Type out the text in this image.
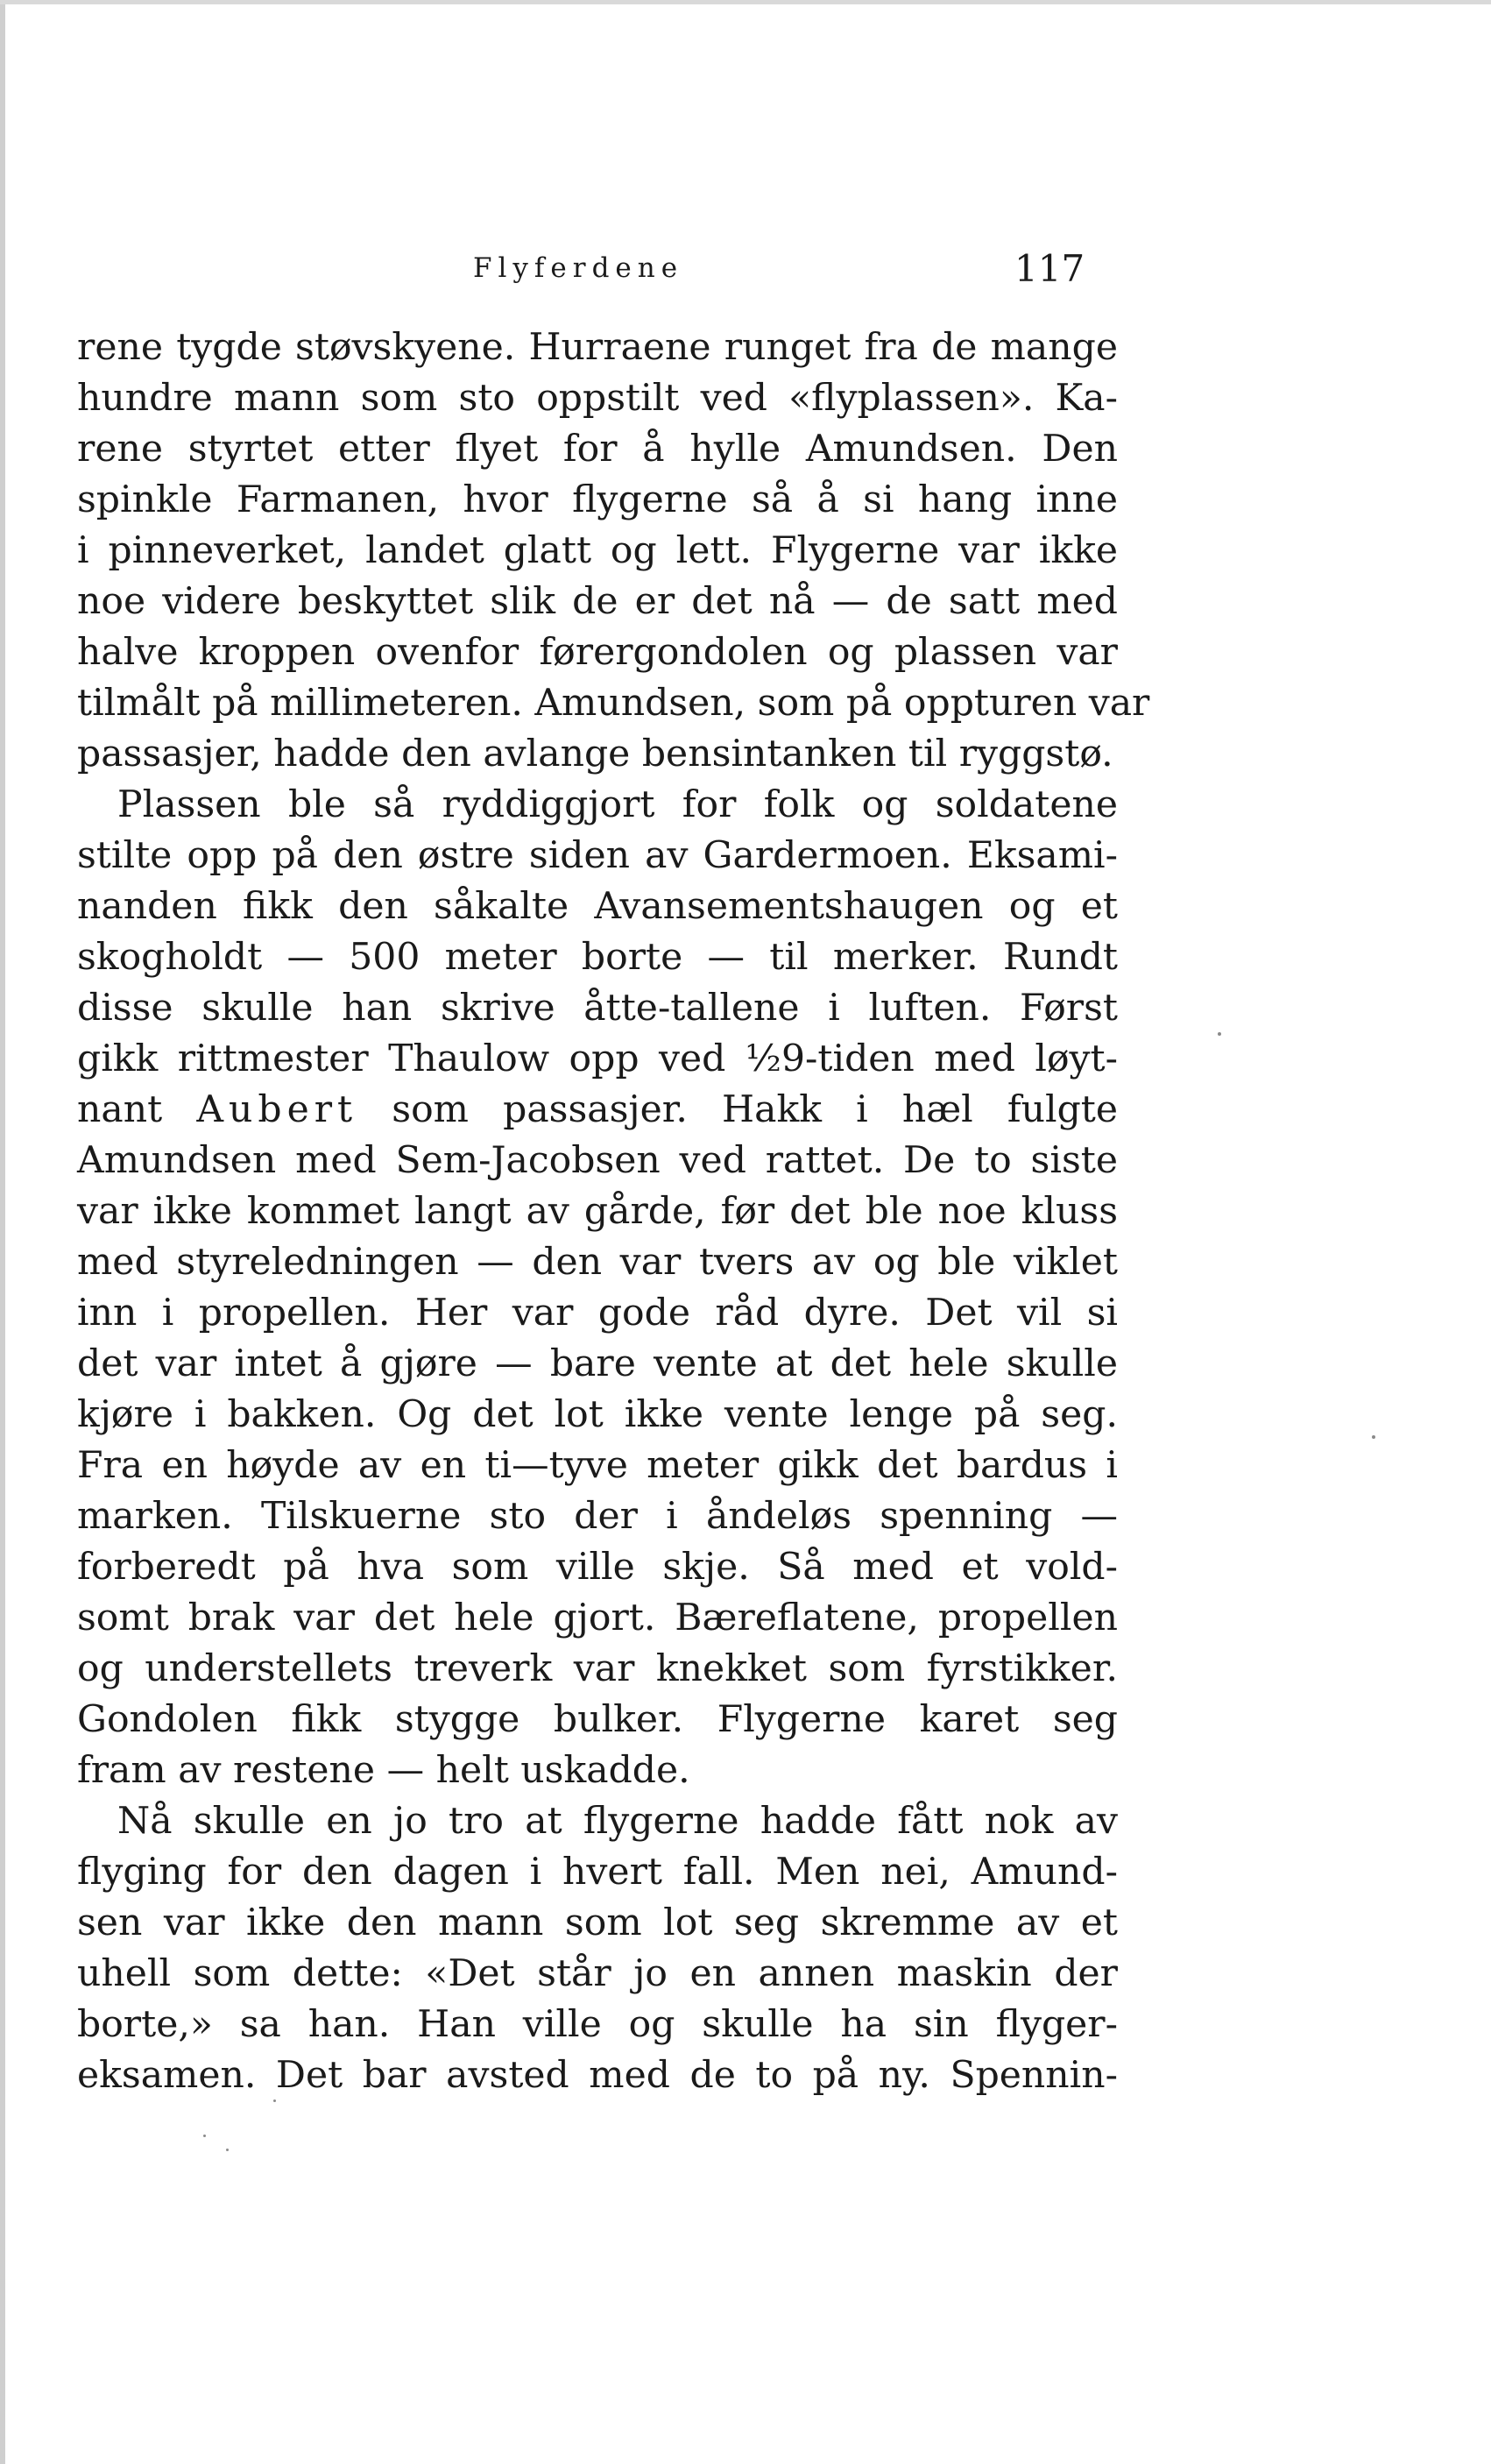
Flyferdene	117
rene tygde støvskyene. Hurraene runget fra de mange
hundre mann som sto oppstilt ved «flyplassen». Ka-
rene styrtet etter flyet for å hylle Amundsen. Den
spinkle Farmanen, hvor flygerne så å si hang inne
i pinneverket, landet glatt og lett. Flygerne var ikke
noe videre beskyttet slik de er det nå — de satt med
halve kroppen ovenfor førergondolen og plassen var
tilmålt på millimeteren. Amundsen, som på oppturen var
passasjer, hadde den avlange bensintanken til ryggstø.
Plassen ble så ryddiggjort for folk og soldatene
stilte opp på den østre siden av Gardermoen. Eksami-
nanden fikk den såkalte Avansementshaugen og et
skogholdt — 500 meter borte — til merker. Rundt
disse skulle han skrive åtte-tallene i luften. Først
gikk rittmester Thaulow opp ved ½9-tiden med løyt-
nant Aubert som passasjer. Hakk i hæl fulgte
Amundsen med Sem-Jacobsen ved rattet. De to siste
var ikke kommet langt av gårde, før det ble noe kluss
med styreledningen — den var tvers av og ble viklet
inn i propellen. Her var gode råd dyre. Det vil si
det var intet å gjøre — bare vente at det hele skulle
kjøre i bakken. Og det lot ikke vente lenge på seg.
Fra en høyde av en ti—tyve meter gikk det bardus i
marken. Tilskuerne sto der i åndeløs spenning —
forberedt på hva som ville skje. Så med et vold-
somt brak var det hele gjort. Bæreflatene, propellen
og understellets treverk var knekket som fyrstikker.
Gondolen fikk stygge bulker. Flygerne karet seg
fram av restene — helt uskadde.
Nå skulle en jo tro at flygerne hadde fått nok av
flyging for den dagen i hvert fall. Men nei, Amund-
sen var ikke den mann som lot seg skremme av et
uhell som dette: «Det står jo en annen maskin der
borte,» sa han. Han ville og skulle ha sin flyger-
eksamen. Det bar avsted med de to på ny. Spennin-
